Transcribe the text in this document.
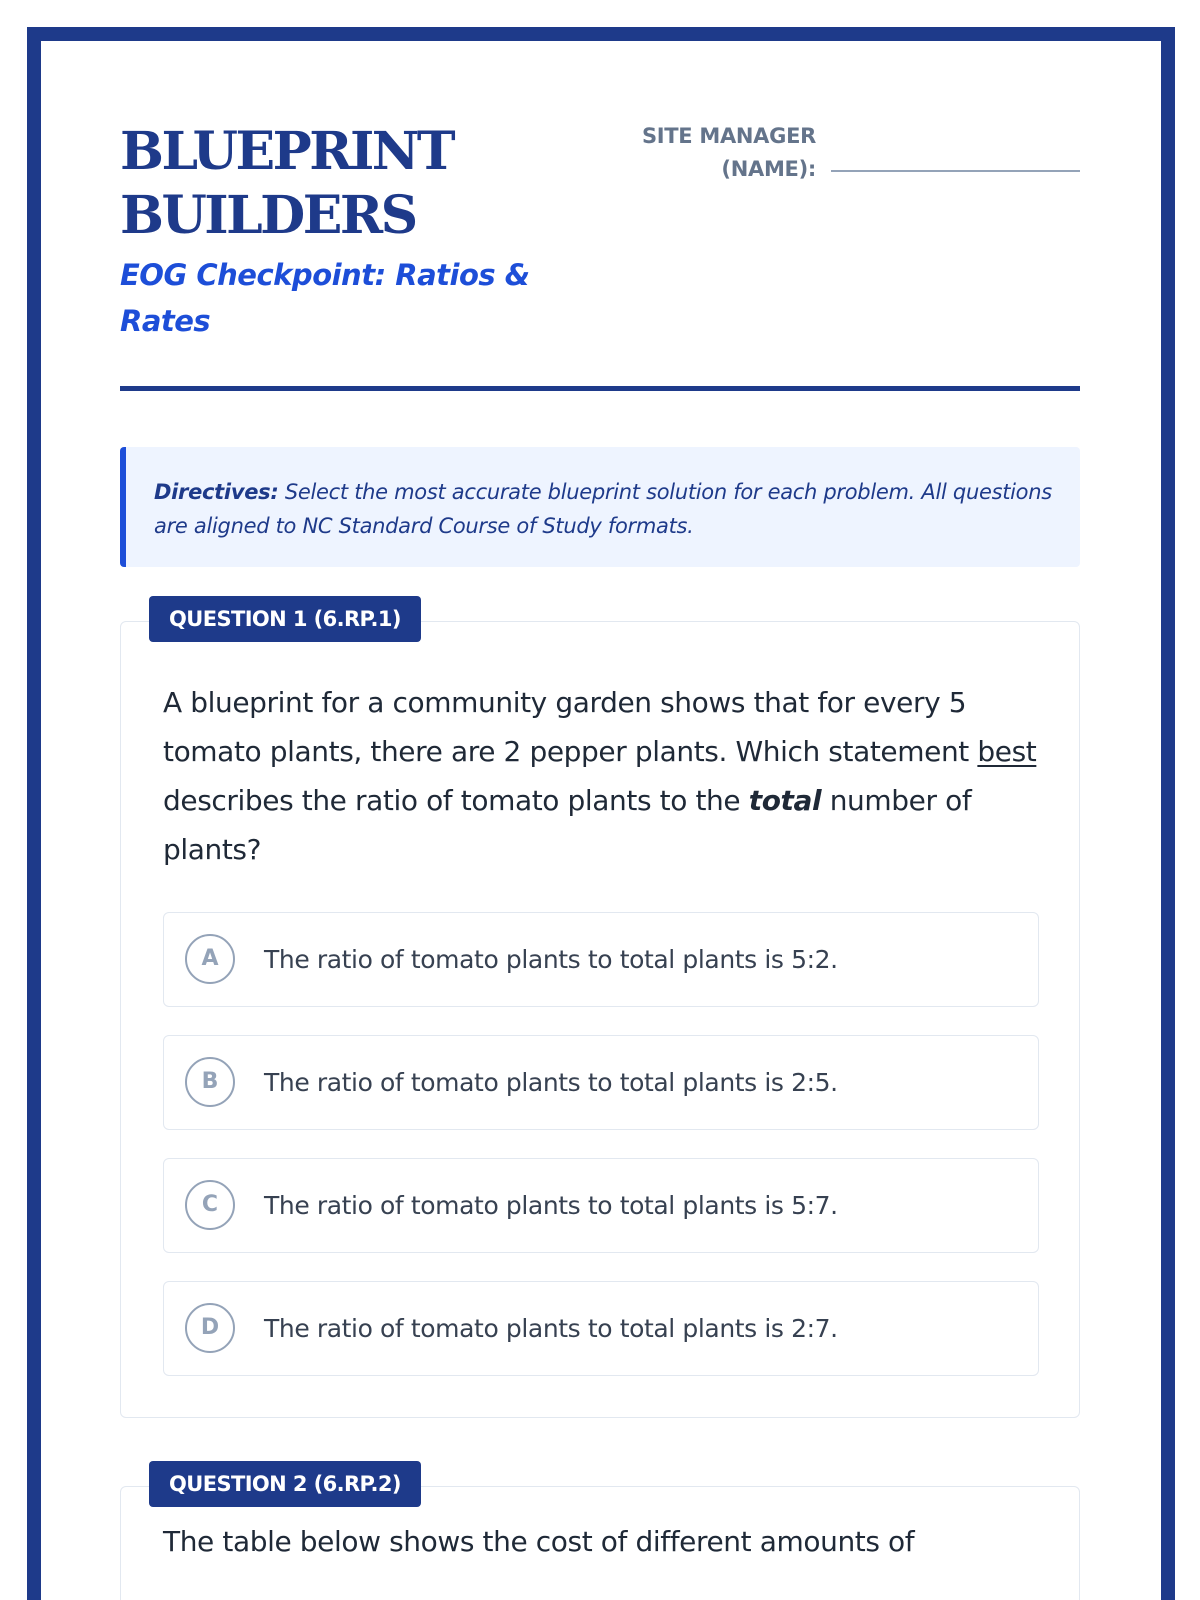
BLUEPRINT
BUILDERS

EOG Checkpoint: Ratios & Rates

SITE MANAGER
(NAME):
Directives: Select the most accurate blueprint solution for each problem. All questions are aligned to NC Standard Course of Study formats.
A blueprint for a community garden shows that for every 5 tomato plants, there are 2 pepper plants. Which statement best describes the ratio of tomato plants to the total number of plants?
A	The ratio of tomato plants to total plants is 5:2.
B	The ratio of tomato plants to total plants is 2:5.
C	The ratio of tomato plants to total plants is 5:7.
D	The ratio of tomato plants to total plants is 2:7.
QUESTION 1 (6.RP.1)
The table below shows the cost of different amounts of
QUESTION 2 (6.RP.2)
